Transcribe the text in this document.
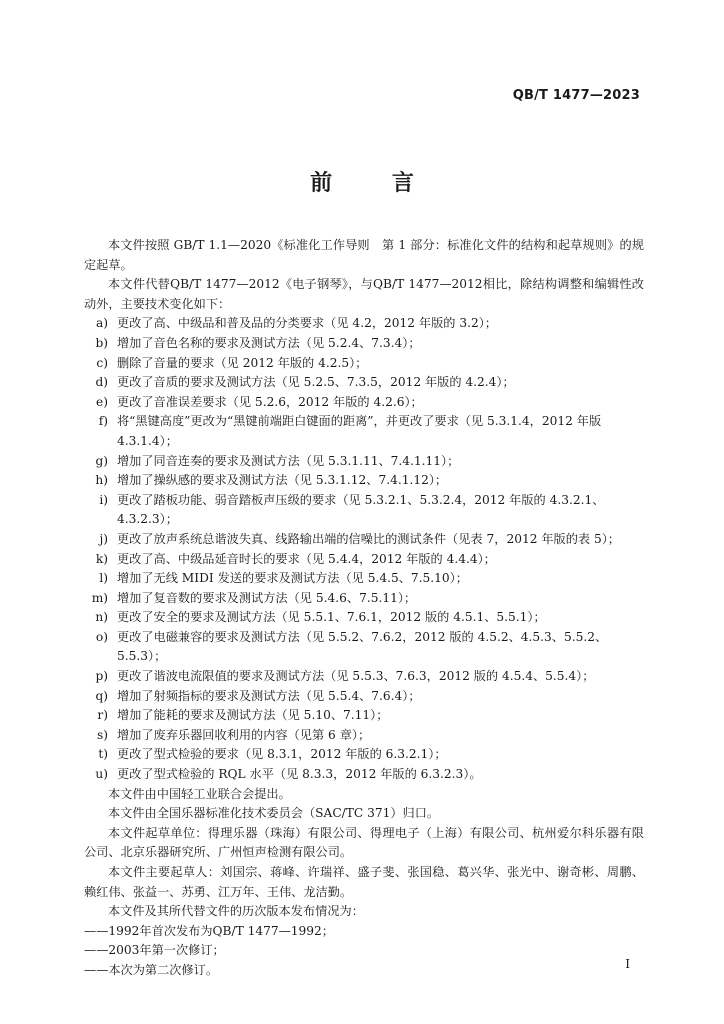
QB/T 1477—2023
前 言
本文件按照 GB/T 1.1—2020《标准化工作导则　第 1 部分：标准化文件的结构和起草规则》的规定起草。
本文件代替QB/T 1477—2012《电子钢琴》，与QB/T 1477—2012相比，除结构调整和编辑性改动外，主要技术变化如下：
a) 更改了高、中级品和普及品的分类要求（见 4.2，2012 年版的 3.2）；
b) 增加了音色名称的要求及测试方法（见 5.2.4、7.3.4）；
c) 删除了音量的要求（见 2012 年版的 4.2.5）；
d) 更改了音质的要求及测试方法（见 5.2.5、7.3.5，2012 年版的 4.2.4）；
e) 更改了音准误差要求（见 5.2.6，2012 年版的 4.2.6）；
f) 将“黑键高度”更改为“黑键前端距白键面的距离”，并更改了要求（见 5.3.1.4，2012 年版 4.3.1.4）；
g) 增加了同音连奏的要求及测试方法（见 5.3.1.11、7.4.1.11）；
h) 增加了操纵感的要求及测试方法（见 5.3.1.12、7.4.1.12）；
i) 更改了踏板功能、弱音踏板声压级的要求（见 5.3.2.1、5.3.2.4，2012 年版的 4.3.2.1、4.3.2.3）；
j) 更改了放声系统总谐波失真、线路输出端的信噪比的测试条件（见表 7，2012 年版的表 5）；
k) 更改了高、中级品延音时长的要求（见 5.4.4，2012 年版的 4.4.4）；
l) 增加了无线 MIDI 发送的要求及测试方法（见 5.4.5、7.5.10）；
m) 增加了复音数的要求及测试方法（见 5.4.6、7.5.11）；
n) 更改了安全的要求及测试方法（见 5.5.1、7.6.1，2012 版的 4.5.1、5.5.1）；
o) 更改了电磁兼容的要求及测试方法（见 5.5.2、7.6.2，2012 版的 4.5.2、4.5.3、5.5.2、5.5.3）；
p) 更改了谐波电流限值的要求及测试方法（见 5.5.3、7.6.3，2012 版的 4.5.4、5.5.4）；
q) 增加了射频指标的要求及测试方法（见 5.5.4、7.6.4）；
r) 增加了能耗的要求及测试方法（见 5.10、7.11）；
s) 增加了废弃乐器回收利用的内容（见第 6 章）；
t) 更改了型式检验的要求（见 8.3.1，2012 年版的 6.3.2.1）；
u) 更改了型式检验的 RQL 水平（见 8.3.3，2012 年版的 6.3.2.3）。
本文件由中国轻工业联合会提出。
本文件由全国乐器标准化技术委员会（SAC/TC 371）归口。
本文件起草单位：得理乐器（珠海）有限公司、得理电子（上海）有限公司、杭州爱尔科乐器有限公司、北京乐器研究所、广州恒声检测有限公司。
本文件主要起草人：刘国宗、蒋峰、许瑞祥、盛子斐、张国稳、葛兴华、张光中、谢奇彬、周鹏、赖红伟、张益一、苏勇、江万年、王伟、龙洁勤。
本文件及其所代替文件的历次版本发布情况为：
——1992年首次发布为QB/T 1477—1992；
——2003年第一次修订；
——本次为第二次修订。	I
